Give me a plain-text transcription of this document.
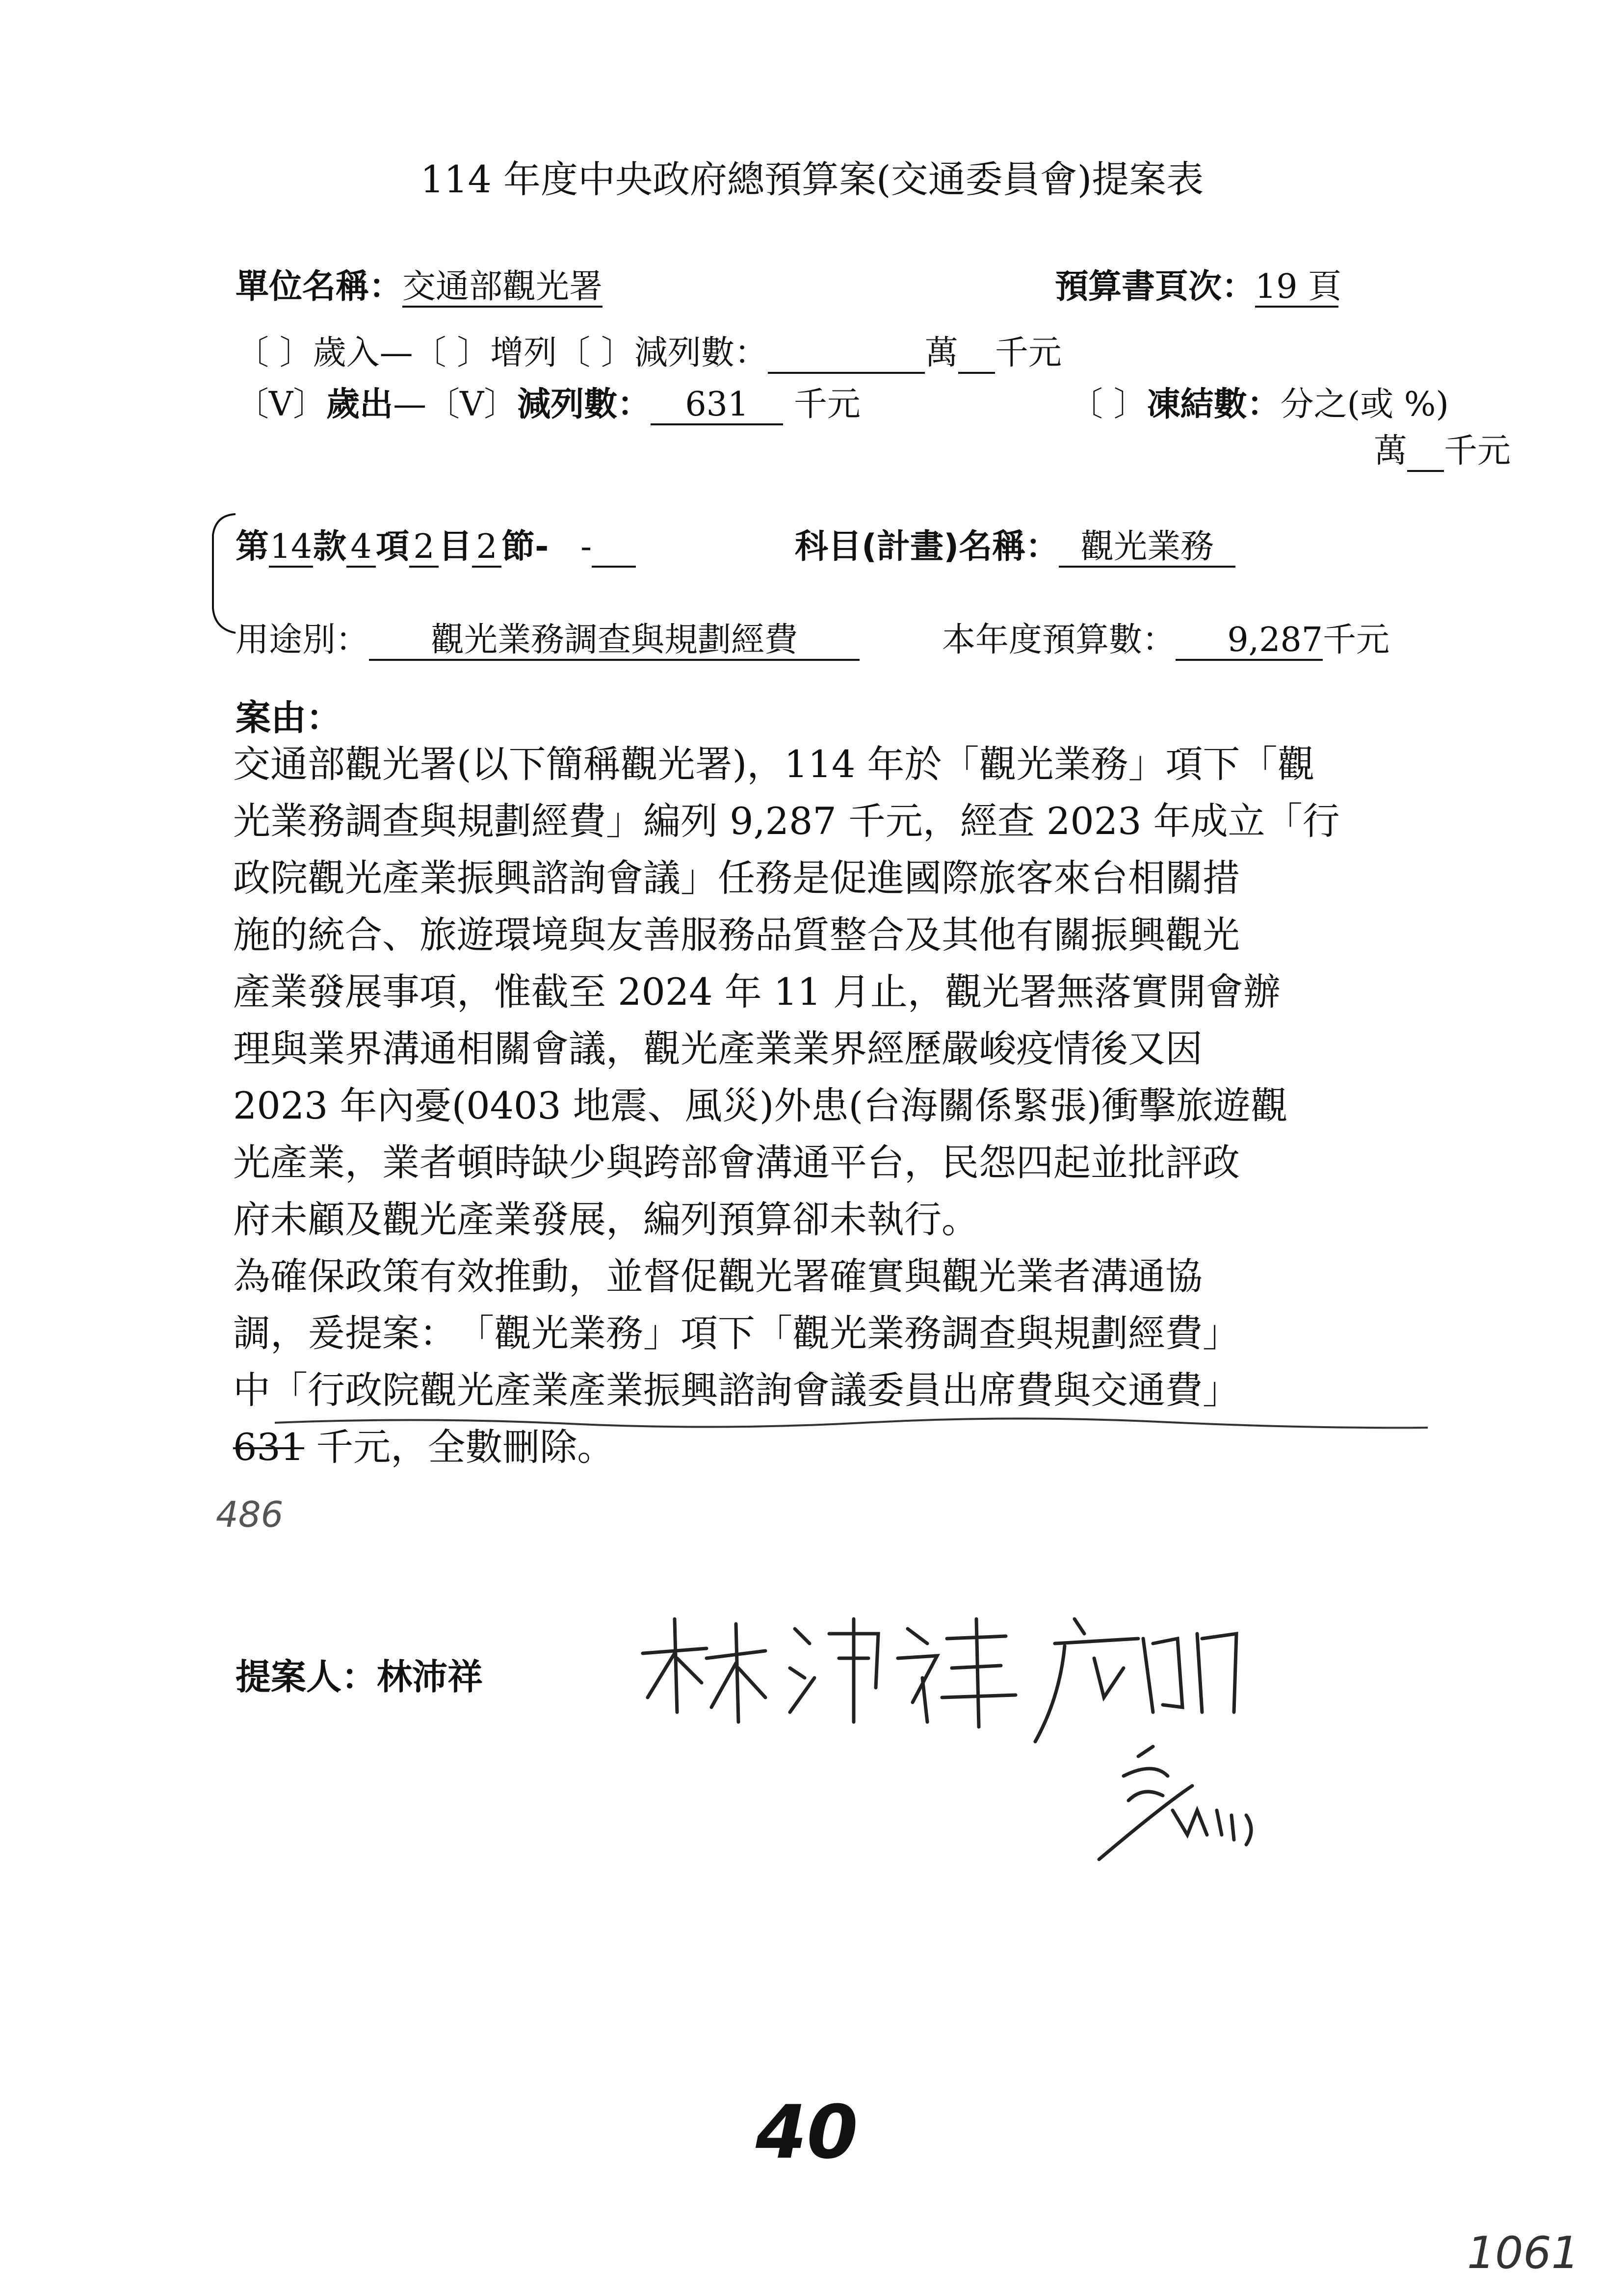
114 年度中央政府總預算案(交通委員會)提案表
單位名稱：交通部觀光署	預算書頁次：19 頁
〔 〕歲入—〔 〕增列〔 〕減列數：	萬 千元
〔V〕歲出—〔V〕減列數： 631 千元	〔 〕凍結數：分之(或 %)
萬 千元
第14款 4 項 2 目 2 節- -	科目(計畫)名稱： 觀光業務
用途別： 觀光業務調查與規劃經費	本年度預算數： 9,287千元
案由：

交通部觀光署(以下簡稱觀光署)，114 年於「觀光業務」項下「觀

光業務調查與規劃經費」編列 9,287 千元，經查 2023 年成立「行

政院觀光產業振興諮詢會議」任務是促進國際旅客來台相關措

施的統合、旅遊環境與友善服務品質整合及其他有關振興觀光

產業發展事項，惟截至 2024 年 11 月止，觀光署無落實開會辦

理與業界溝通相關會議，觀光產業業界經歷嚴峻疫情後又因

2023 年內憂(0403 地震、風災)外患(台海關係緊張)衝擊旅遊觀

光產業，業者頓時缺少與跨部會溝通平台，民怨四起並批評政

府未顧及觀光產業發展，編列預算卻未執行。

為確保政策有效推動，並督促觀光署確實與觀光業者溝通協

調，爰提案：　「觀光業務」項下「觀光業務調查與規劃經費」

中「行政院觀光產業產業振興諮詢會議委員出席費與交通費」

631 千元，全數刪除。

486
提案人：林沛祥
40
1061
